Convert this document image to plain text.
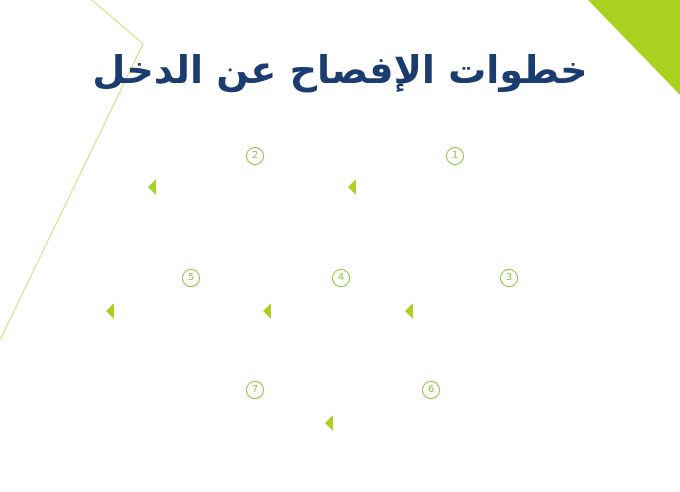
خطوات الإفصاح عن الدخل
1
2
3
4
5
6
7
